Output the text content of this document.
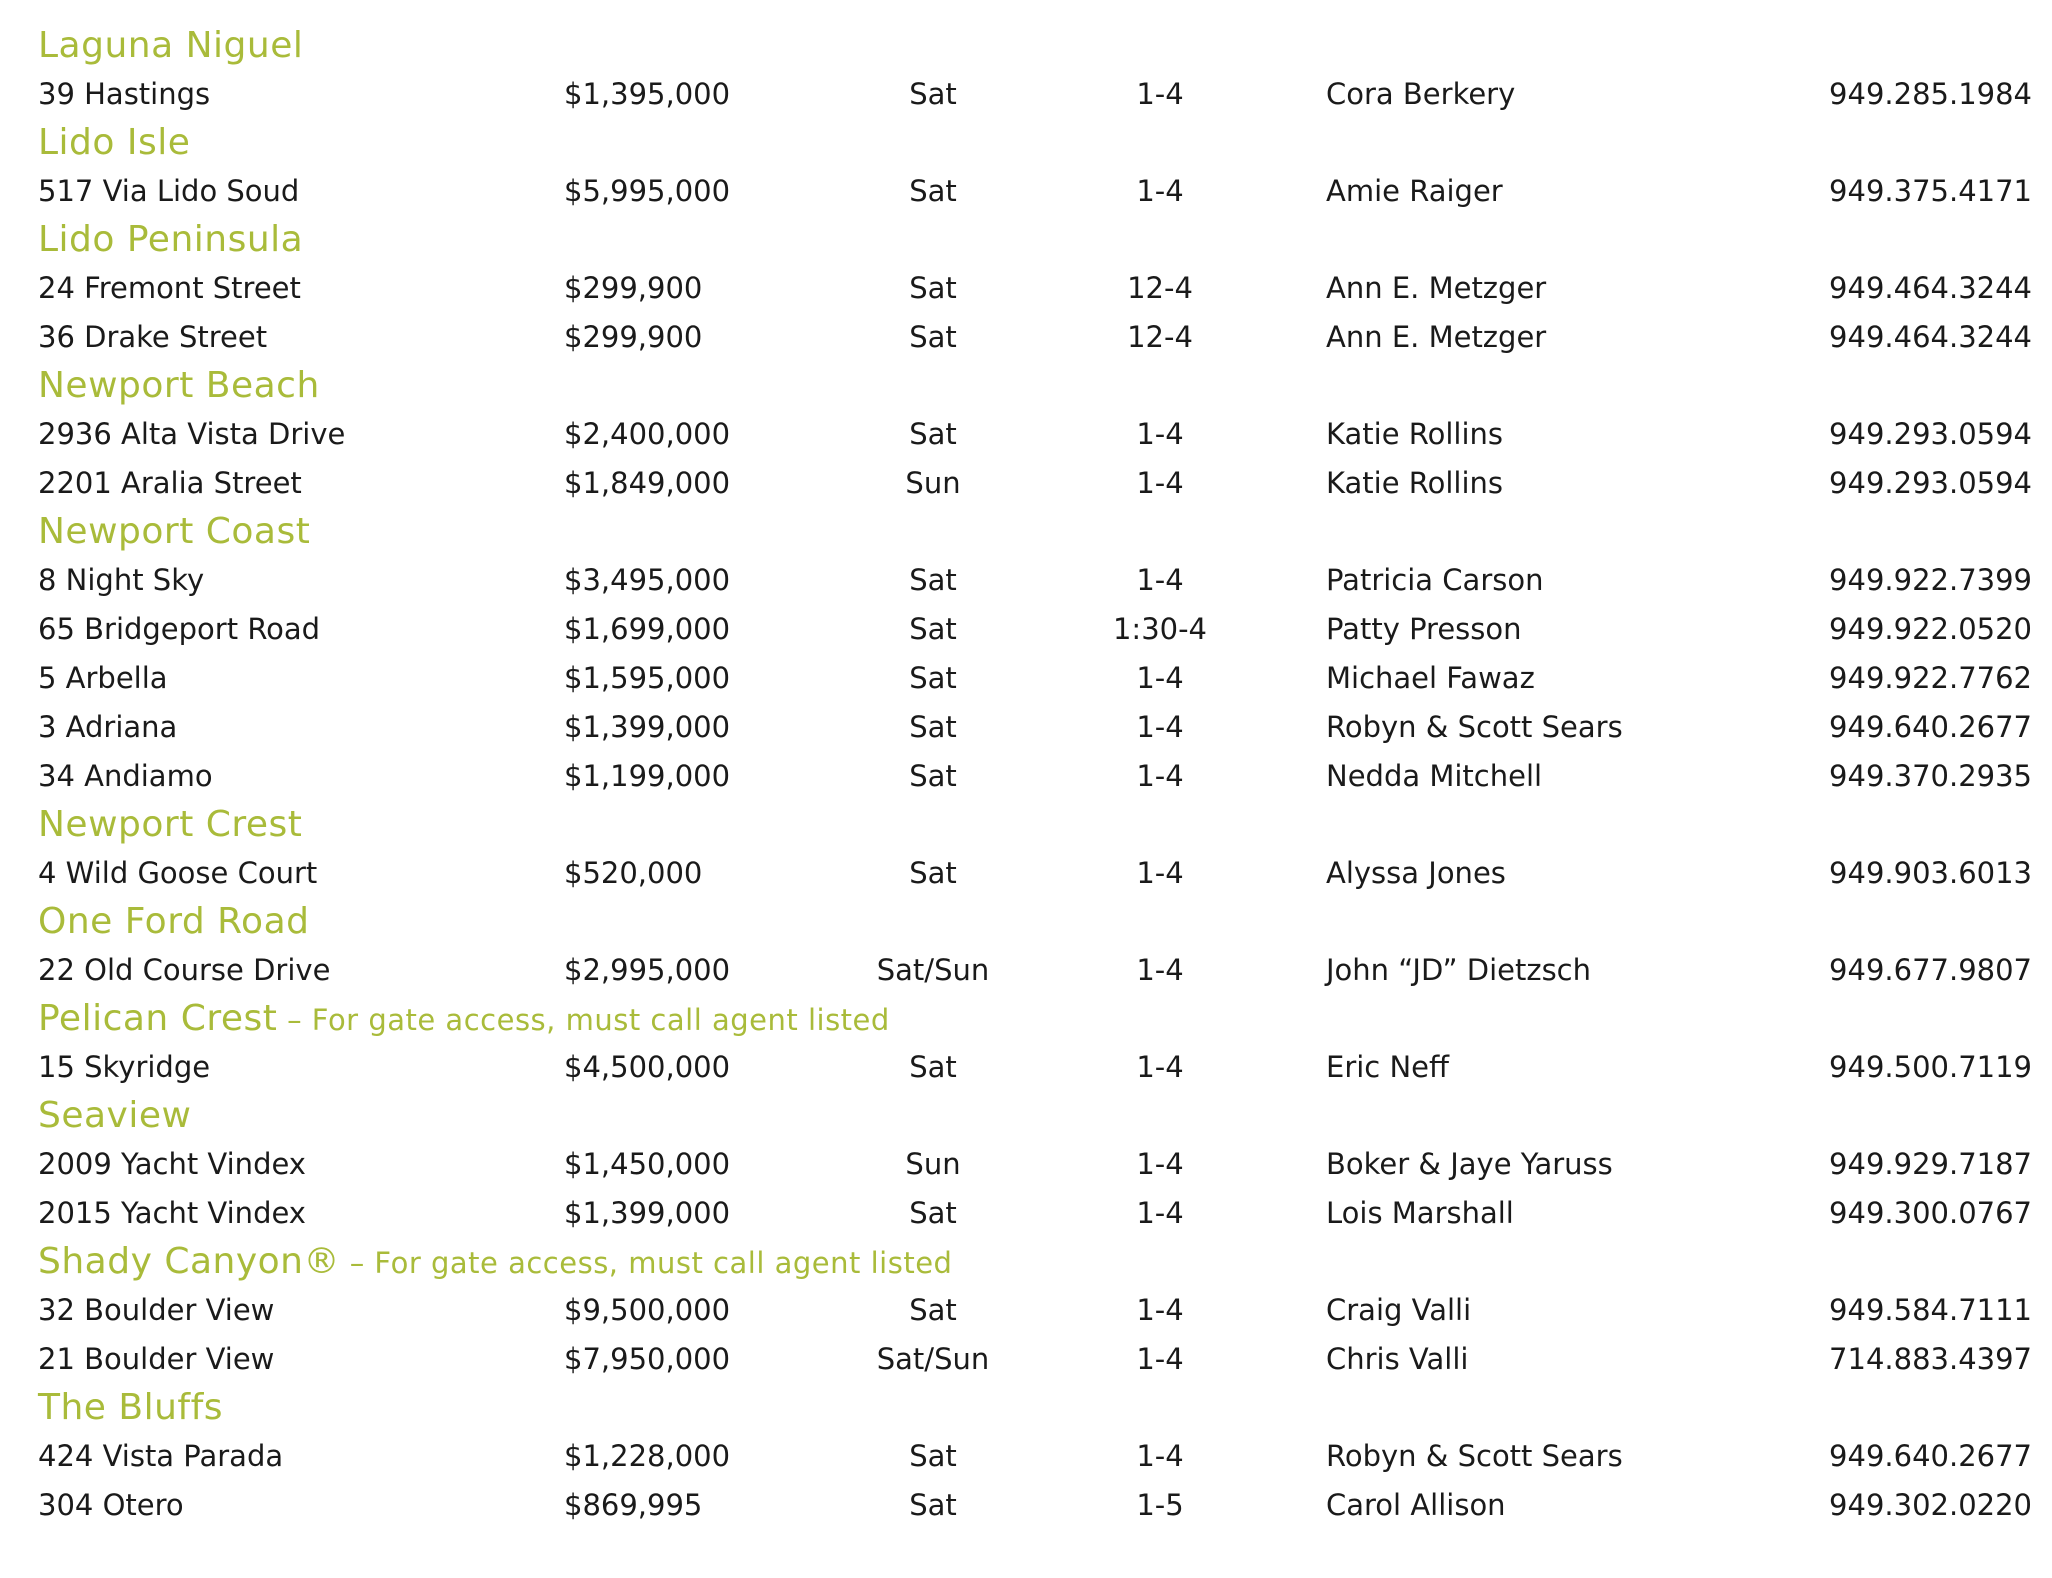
Laguna Niguel
39 Hastings	$1,395,000	Sat	1-4	Cora Berkery	949.285.1984
Lido Isle
517 Via Lido Soud	$5,995,000	Sat	1-4	Amie Raiger	949.375.4171
Lido Peninsula
24 Fremont Street	$299,900	Sat	12-4	Ann E. Metzger	949.464.3244
36 Drake Street	$299,900	Sat	12-4	Ann E. Metzger	949.464.3244
Newport Beach
2936 Alta Vista Drive	$2,400,000	Sat	1-4	Katie Rollins	949.293.0594
2201 Aralia Street	$1,849,000	Sun	1-4	Katie Rollins	949.293.0594
Newport Coast
8 Night Sky	$3,495,000	Sat	1-4	Patricia Carson	949.922.7399
65 Bridgeport Road	$1,699,000	Sat	1:30-4	Patty Presson	949.922.0520
5 Arbella	$1,595,000	Sat	1-4	Michael Fawaz	949.922.7762
3 Adriana	$1,399,000	Sat	1-4	Robyn & Scott Sears	949.640.2677
34 Andiamo	$1,199,000	Sat	1-4	Nedda Mitchell	949.370.2935
Newport Crest
4 Wild Goose Court	$520,000	Sat	1-4	Alyssa Jones	949.903.6013
One Ford Road
22 Old Course Drive	$2,995,000	Sat/Sun	1-4	John “JD” Dietzsch	949.677.9807
Pelican Crest – For gate access, must call agent listed
15 Skyridge	$4,500,000	Sat	1-4	Eric Neff	949.500.7119
Seaview
2009 Yacht Vindex	$1,450,000	Sun	1-4	Boker & Jaye Yaruss	949.929.7187
2015 Yacht Vindex	$1,399,000	Sat	1-4	Lois Marshall	949.300.0767
Shady Canyon® – For gate access, must call agent listed
32 Boulder View	$9,500,000	Sat	1-4	Craig Valli	949.584.7111
21 Boulder View	$7,950,000	Sat/Sun	1-4	Chris Valli	714.883.4397
The Bluffs
424 Vista Parada	$1,228,000	Sat	1-4	Robyn & Scott Sears	949.640.2677
304 Otero	$869,995	Sat	1-5	Carol Allison	949.302.0220
